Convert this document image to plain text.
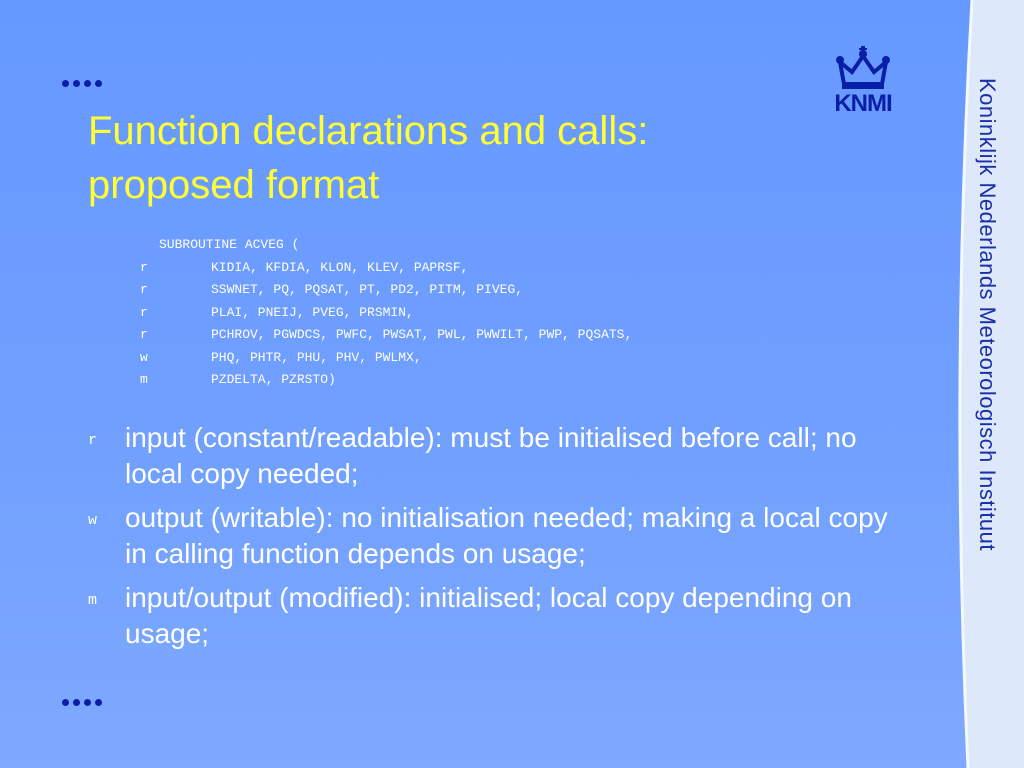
Function declarations and calls:
proposed format
KNMI
SUBROUTINE ACVEG (
r	KIDIA, KFDIA, KLON, KLEV, PAPRSF,
r	SSWNET, PQ, PQSAT, PT, PD2, PITM, PIVEG,
r	PLAI, PNEIJ, PVEG, PRSMIN,
r	PCHROV, PGWDCS, PWFC, PWSAT, PWL, PWWILT, PWP, PQSATS,
w	PHQ, PHTR, PHU, PHV, PWLMX,
m	PZDELTA, PZRSTO)
r input (constant/readable): must be initialised before call; no local copy needed;
w output (writable): no initialisation needed; making a local copy in calling function depends on usage;
m input/output (modified): initialised; local copy depending on usage;
Koninklijk Nederlands Meteorologisch Instituut
